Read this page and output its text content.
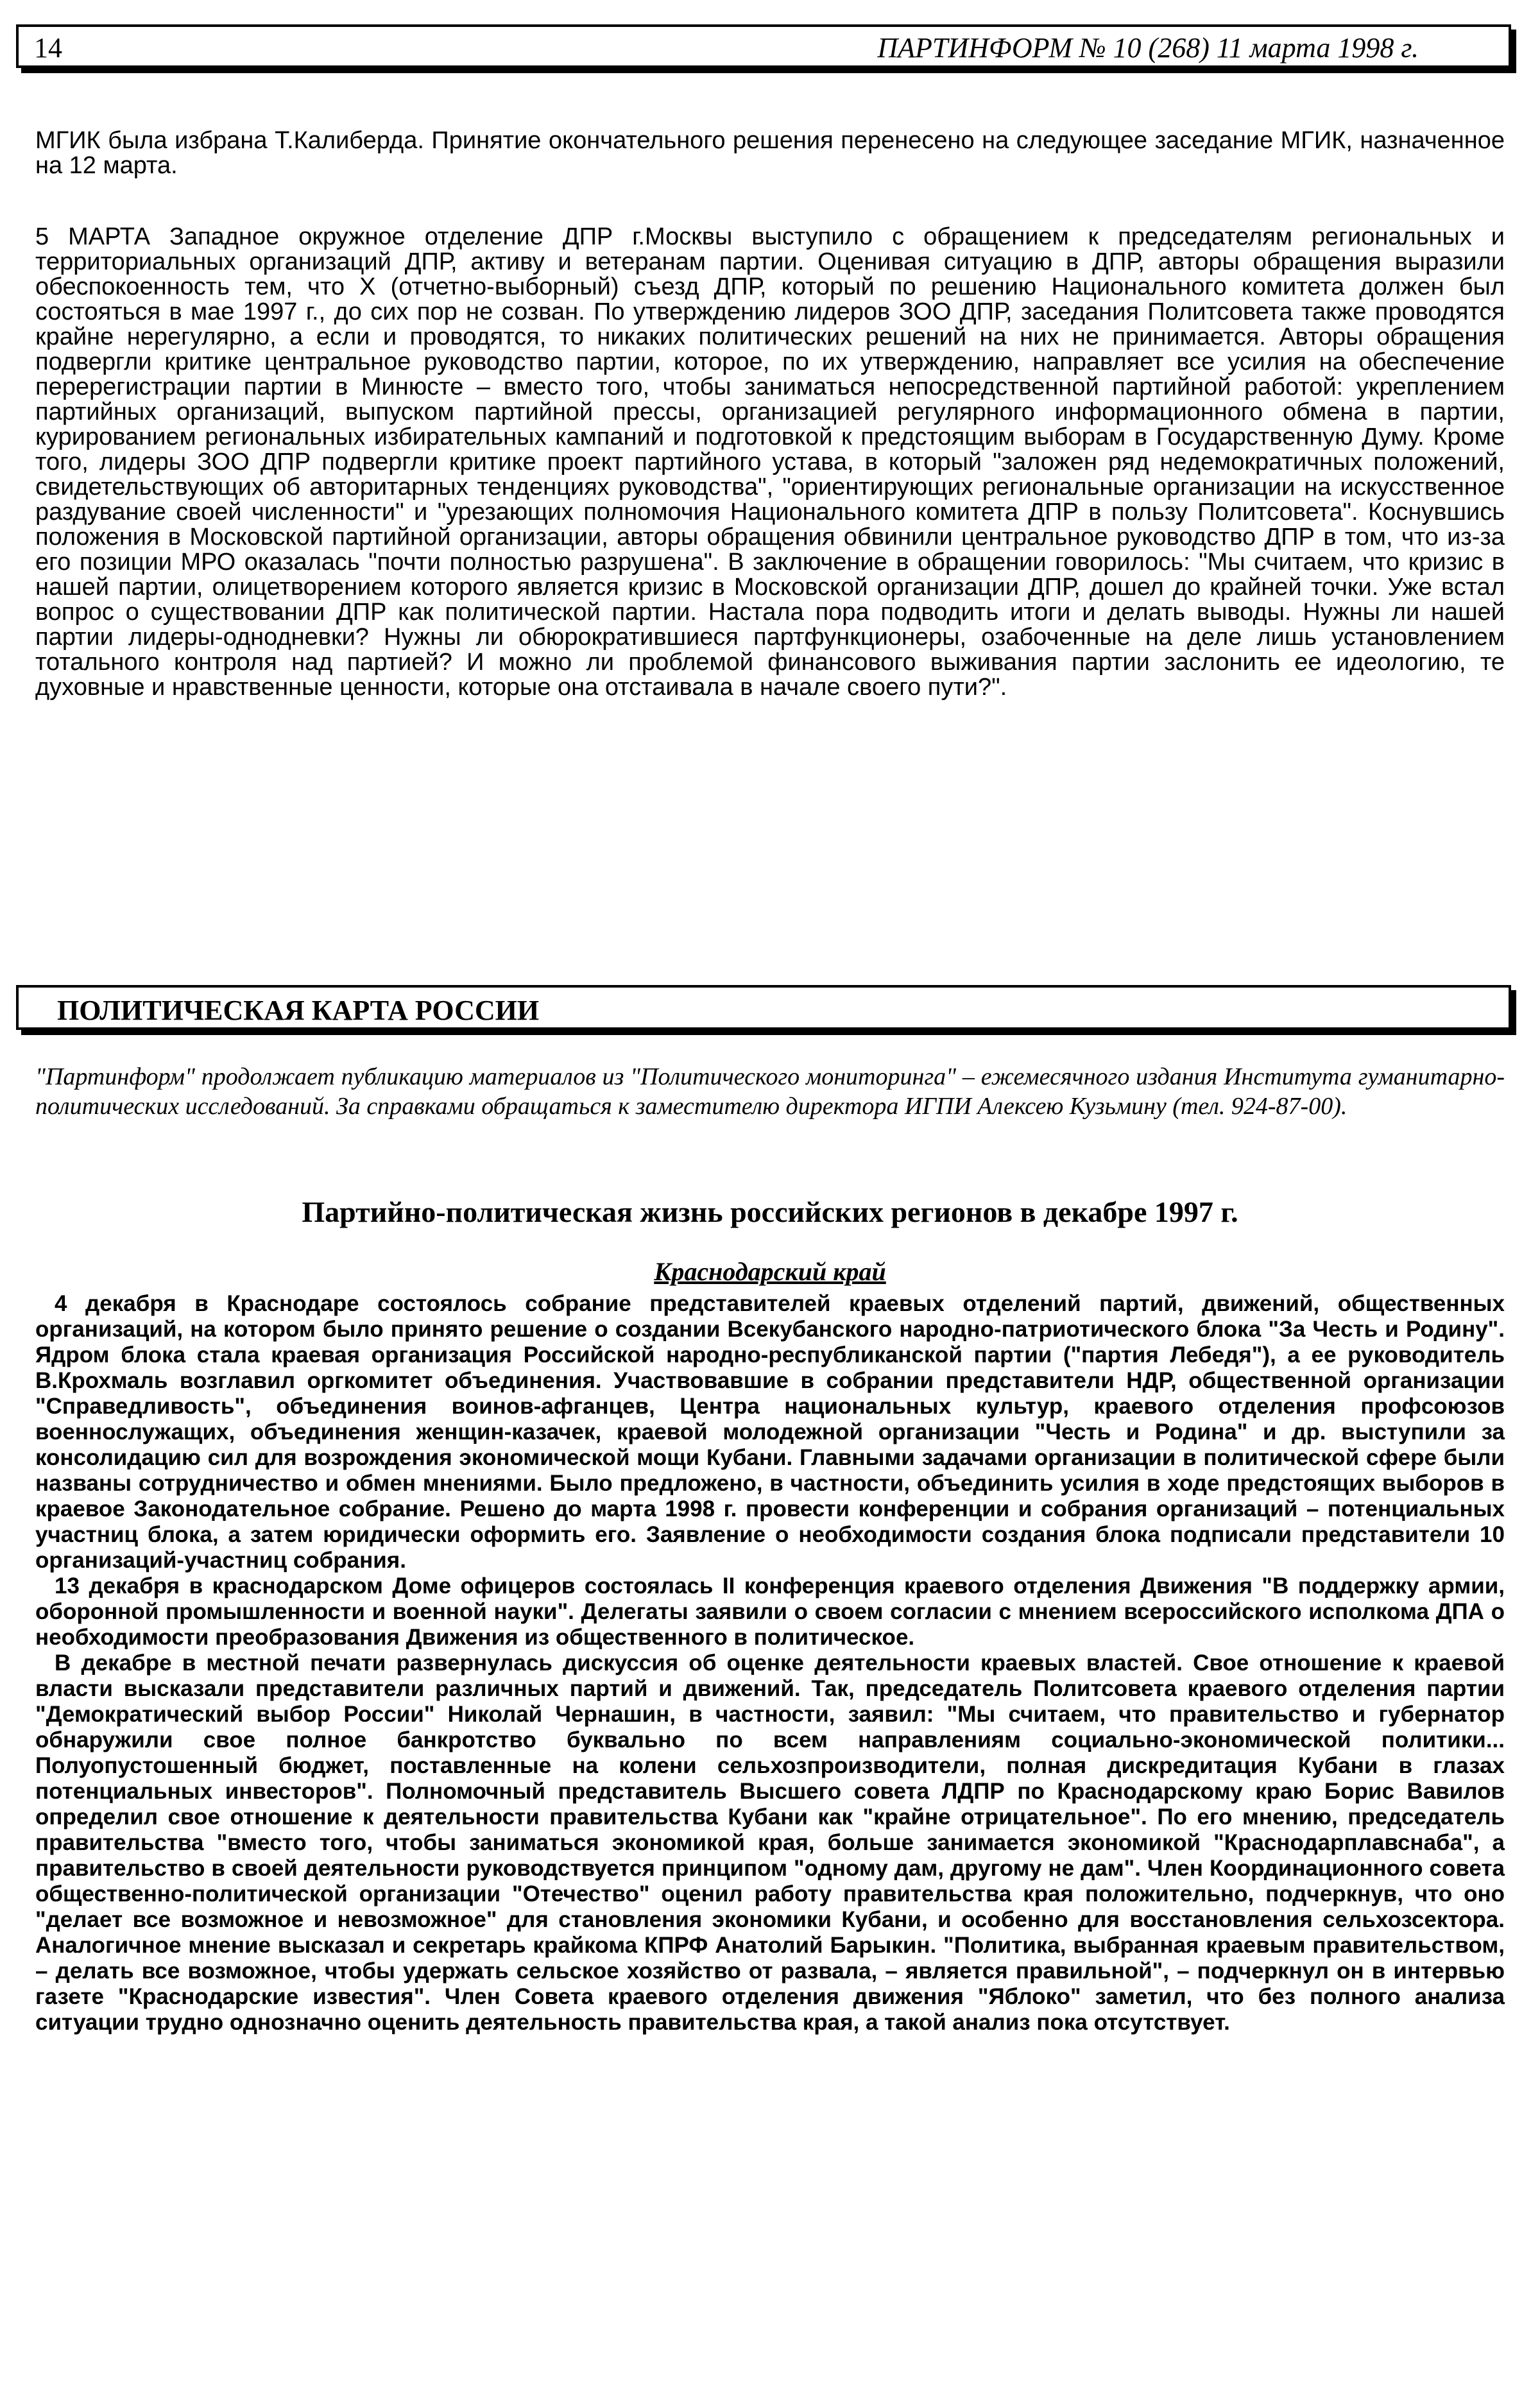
14	ПАРТИНФОРМ № 10 (268) 11 марта 1998 г.

МГИК была избрана Т.Калиберда. Принятие окончательного решения перенесено на следующее заседание МГИК, назначенное на 12 марта.

5 МАРТА Западное окружное отделение ДПР г.Москвы выступило с обращением к председателям региональных и территориальных организаций ДПР, активу и ветеранам партии. Оценивая ситуацию в ДПР, авторы обращения выразили обеспокоенность тем, что X (отчетно-выборный) съезд ДПР, который по решению Национального комитета должен был состояться в мае 1997 г., до сих пор не созван. По утверждению лидеров ЗОО ДПР, заседания Политсовета также проводятся крайне нерегулярно, а если и проводятся, то никаких политических решений на них не принимается. Авторы обращения подвергли критике центральное руководство партии, которое, по их утверждению, направляет все усилия на обеспечение перерегистрации партии в Минюсте – вместо того, чтобы заниматься непосредственной партийной работой: укреплением партийных организаций, выпуском партийной прессы, организацией регулярного информационного обмена в партии, курированием региональных избирательных кампаний и подготовкой к предстоящим выборам в Государственную Думу. Кроме того, лидеры ЗОО ДПР подвергли критике проект партийного устава, в который "заложен ряд недемократичных положений, свидетельствующих об авторитарных тенденциях руководства", "ориентирующих региональные организации на искусственное раздувание своей численности" и "урезающих полномочия Национального комитета ДПР в пользу Политсовета". Коснувшись положения в Московской партийной организации, авторы обращения обвинили центральное руководство ДПР в том, что из-за его позиции МРО оказалась "почти полностью разрушена". В заключение в обращении говорилось: "Мы считаем, что кризис в нашей партии, олицетворением которого является кризис в Московской организации ДПР, дошел до крайней точки. Уже встал вопрос о существовании ДПР как политической партии. Настала пора подводить итоги и делать выводы. Нужны ли нашей партии лидеры-однодневки? Нужны ли обюрократившиеся партфункционеры, озабоченные на деле лишь установлением тотального контроля над партией? И можно ли проблемой финансового выживания партии заслонить ее идеологию, те духовные и нравственные ценности, которые она отстаивала в начале своего пути?".

ПОЛИТИЧЕСКАЯ КАРТА РОССИИ

"Партинформ" продолжает публикацию материалов из "Политического мониторинга" – ежемесячного издания Института гуманитарно-политических исследований. За справками обращаться к заместителю директора ИГПИ Алексею Кузьмину (тел. 924-87-00).

Партийно-политическая жизнь российских регионов в декабре 1997 г.
Краснодарский край

4 декабря в Краснодаре состоялось собрание представителей краевых отделений партий, движений, общественных организаций, на котором было принято решение о создании Всекубанского народно-патриотического блока "За Честь и Родину". Ядром блока стала краевая организация Российской народно-республиканской партии ("партия Лебедя"), а ее руководитель В.Крохмаль возглавил оргкомитет объединения. Участвовавшие в собрании представители НДР, общественной организации "Справедливость", объединения воинов-афганцев, Центра национальных культур, краевого отделения профсоюзов военнослужащих, объединения женщин-казачек, краевой молодежной организации "Честь и Родина" и др. выступили за консолидацию сил для возрождения экономической мощи Кубани. Главными задачами организации в политической сфере были названы сотрудничество и обмен мнениями. Было предложено, в частности, объединить усилия в ходе предстоящих выборов в краевое Законодательное собрание. Решено до марта 1998 г. провести конференции и собрания организаций – потенциальных участниц блока, а затем юридически оформить его. Заявление о необходимости создания блока подписали представители 10 организаций-участниц собрания.

13 декабря в краснодарском Доме офицеров состоялась II конференция краевого отделения Движения "В поддержку армии, оборонной промышленности и военной науки". Делегаты заявили о своем согласии с мнением всероссийского исполкома ДПА о необходимости преобразования Движения из общественного в политическое.

В декабре в местной печати развернулась дискуссия об оценке деятельности краевых властей. Свое отношение к краевой власти высказали представители различных партий и движений. Так, председатель Политсовета краевого отделения партии "Демократический выбор России" Николай Чернашин, в частности, заявил: "Мы считаем, что правительство и губернатор обнаружили свое полное банкротство буквально по всем направлениям социально-экономической политики... Полуопустошенный бюджет, поставленные на колени сельхозпроизводители, полная дискредитация Кубани в глазах потенциальных инвесторов". Полномочный представитель Высшего совета ЛДПР по Краснодарскому краю Борис Вавилов определил свое отношение к деятельности правительства Кубани как "крайне отрицательное". По его мнению, председатель правительства "вместо того, чтобы заниматься экономикой края, больше занимается экономикой "Краснодарплавснаба", а правительство в своей деятельности руководствуется принципом "одному дам, другому не дам". Член Координационного совета общественно-политической организации "Отечество" оценил работу правительства края положительно, подчеркнув, что оно "делает все возможное и невозможное" для становления экономики Кубани, и особенно для восстановления сельхозсектора. Аналогичное мнение высказал и секретарь крайкома КПРФ Анатолий Барыкин. "Политика, выбранная краевым правительством, – делать все возможное, чтобы удержать сельское хозяйство от развала, – является правильной", – подчеркнул он в интервью газете "Краснодарские известия". Член Совета краевого отделения движения "Яблоко" заметил, что без полного анализа ситуации трудно однозначно оценить деятельность правительства края, а такой анализ пока отсутствует.
